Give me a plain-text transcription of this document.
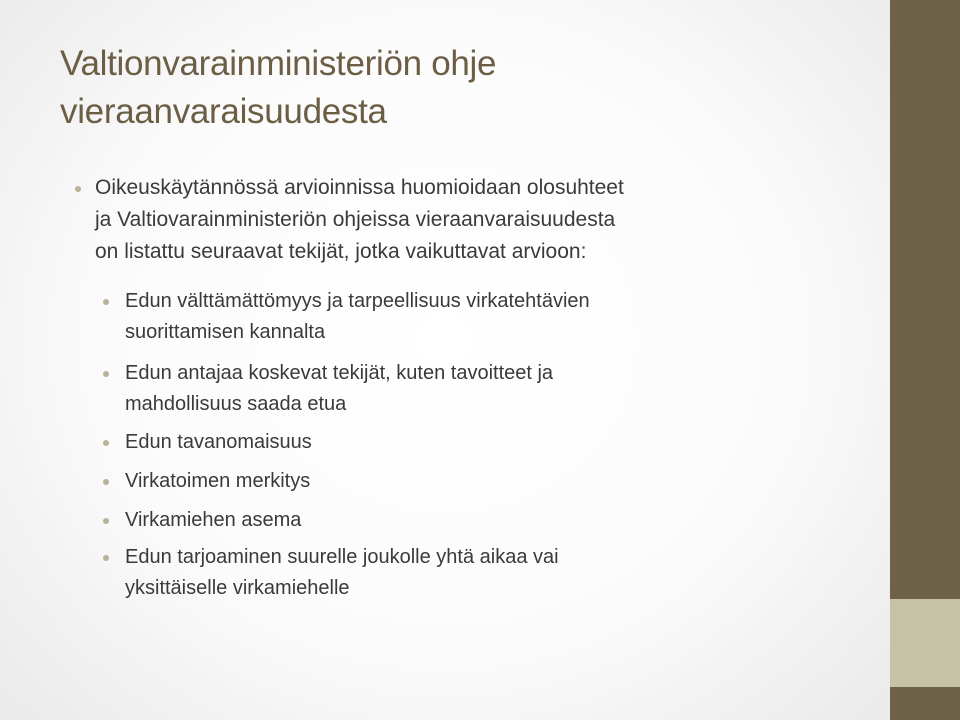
Valtionvarainministeriön ohje
vieraanvaraisuudesta
Oikeuskäytännössä arvioinnissa huomioidaan olosuhteet
ja Valtiovarainministeriön ohjeissa vieraanvaraisuudesta
on listattu seuraavat tekijät, jotka vaikuttavat arvioon:
Edun välttämättömyys ja tarpeellisuus virkatehtävien
suorittamisen kannalta
Edun antajaa koskevat tekijät, kuten tavoitteet ja
mahdollisuus saada etua
Edun tavanomaisuus
Virkatoimen merkitys
Virkamiehen asema
Edun tarjoaminen suurelle joukolle yhtä aikaa vai
yksittäiselle virkamiehelle
